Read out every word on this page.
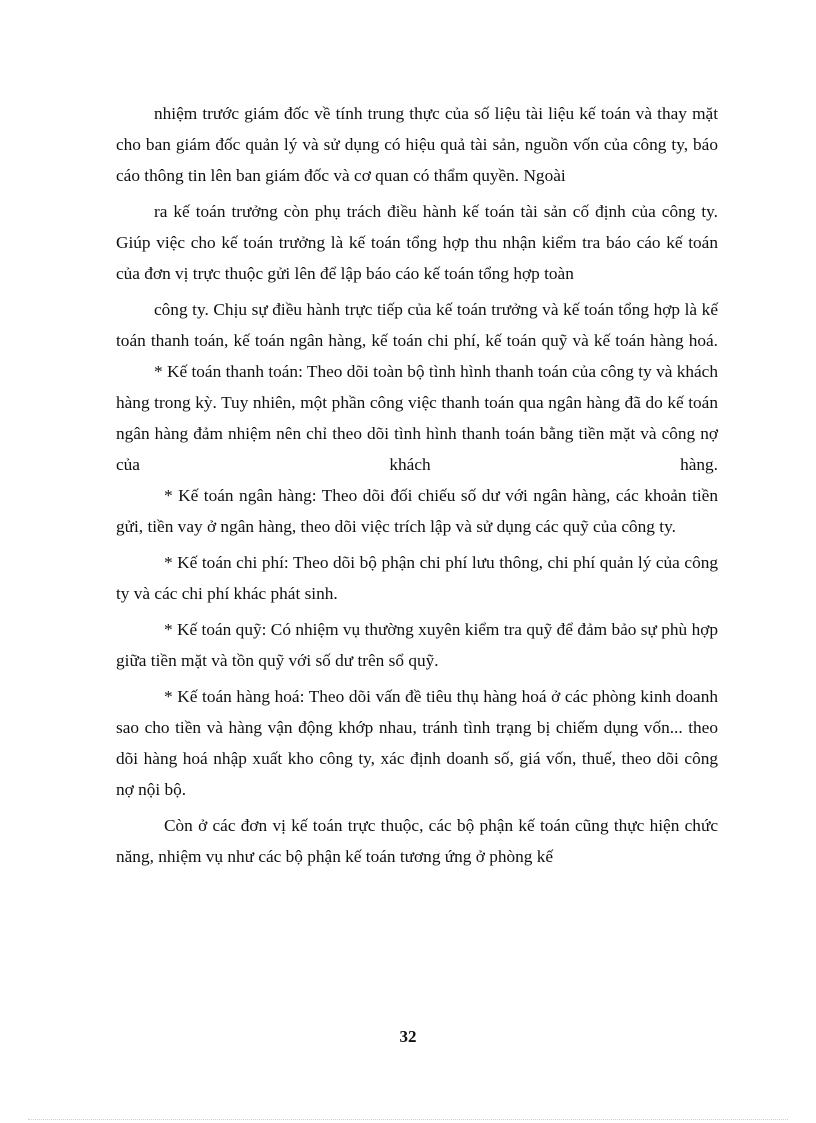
nhiệm trước giám đốc về tính trung thực của số liệu tài liệu kế toán và thay mặt cho ban giám đốc quản lý và sử dụng có hiệu quả tài sản, nguồn vốn của công ty, báo cáo thông tin lên ban giám đốc và cơ quan có thẩm quyền. Ngoài

ra kế toán trưởng còn phụ trách điều hành kế toán tài sản cố định của công ty. Giúp việc cho kế toán trưởng là kế toán tổng hợp thu nhận kiểm tra báo cáo kế toán của đơn vị trực thuộc gửi lên để lập báo cáo kế toán tổng hợp toàn

công ty. Chịu sự điều hành trực tiếp của kế toán trưởng và kế toán tổng hợp là kế toán thanh toán, kế toán ngân hàng, kế toán chi phí, kế toán quỹ và kế toán hàng hoá.

* Kế toán thanh toán: Theo dõi toàn bộ tình hình thanh toán của công ty và khách hàng trong kỳ. Tuy nhiên, một phần công việc thanh toán qua ngân hàng đã do kế toán ngân hàng đảm nhiệm nên chỉ theo dõi tình hình thanh toán bằng tiền mặt và công nợ của khách hàng.

* Kế toán ngân hàng: Theo dõi đối chiếu số dư với ngân hàng, các khoản tiền gửi, tiền vay ở ngân hàng, theo dõi việc trích lập và sử dụng các quỹ của công ty.

* Kế toán chi phí: Theo dõi bộ phận chi phí lưu thông, chi phí quản lý của công ty và các chi phí khác phát sinh.

* Kế toán quỹ: Có nhiệm vụ thường xuyên kiểm tra quỹ để đảm bảo sự phù hợp giữa tiền mặt và tồn quỹ với số dư trên sổ quỹ.

* Kế toán hàng hoá: Theo dõi vấn đề tiêu thụ hàng hoá ở các phòng kinh doanh sao cho tiền và hàng vận động khớp nhau, tránh tình trạng bị chiếm dụng vốn... theo dõi hàng hoá nhập xuất kho công ty, xác định doanh số, giá vốn, thuế, theo dõi công nợ nội bộ.

Còn ở các đơn vị kế toán trực thuộc, các bộ phận kế toán cũng thực hiện chức năng, nhiệm vụ như các bộ phận kế toán tương ứng ở phòng kế

32
